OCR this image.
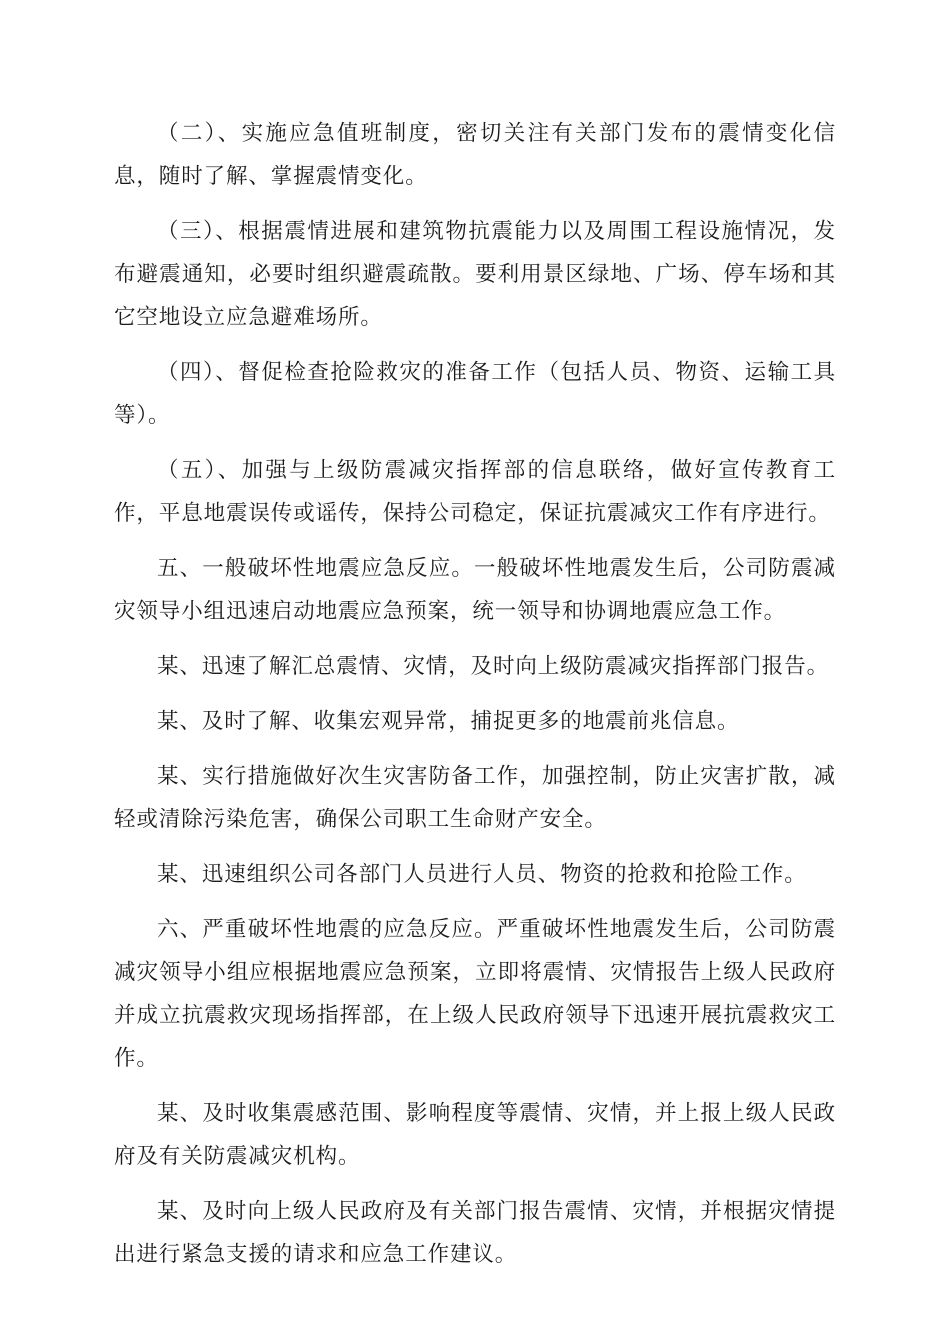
（二）、实施应急值班制度，密切关注有关部门发布的震情变化信息，随时了解、掌握震情变化。

（三）、根据震情进展和建筑物抗震能力以及周围工程设施情况，发布避震通知，必要时组织避震疏散。要利用景区绿地、广场、停车场和其它空地设立应急避难场所。

（四）、督促检查抢险救灾的准备工作（包括人员、物资、运输工具等）。

（五）、加强与上级防震减灾指挥部的信息联络，做好宣传教育工作，平息地震误传或谣传，保持公司稳定，保证抗震减灾工作有序进行。

五、一般破坏性地震应急反应。一般破坏性地震发生后，公司防震减灾领导小组迅速启动地震应急预案，统一领导和协调地震应急工作。

某、迅速了解汇总震情、灾情，及时向上级防震减灾指挥部门报告。

某、及时了解、收集宏观异常，捕捉更多的地震前兆信息。

某、实行措施做好次生灾害防备工作，加强控制，防止灾害扩散，减轻或清除污染危害，确保公司职工生命财产安全。

某、迅速组织公司各部门人员进行人员、物资的抢救和抢险工作。

六、严重破坏性地震的应急反应。严重破坏性地震发生后，公司防震减灾领导小组应根据地震应急预案，立即将震情、灾情报告上级人民政府并成立抗震救灾现场指挥部，在上级人民政府领导下迅速开展抗震救灾工作。

某、及时收集震感范围、影响程度等震情、灾情，并上报上级人民政府及有关防震减灾机构。

某、及时向上级人民政府及有关部门报告震情、灾情，并根据灾情提出进行紧急支援的请求和应急工作建议。
